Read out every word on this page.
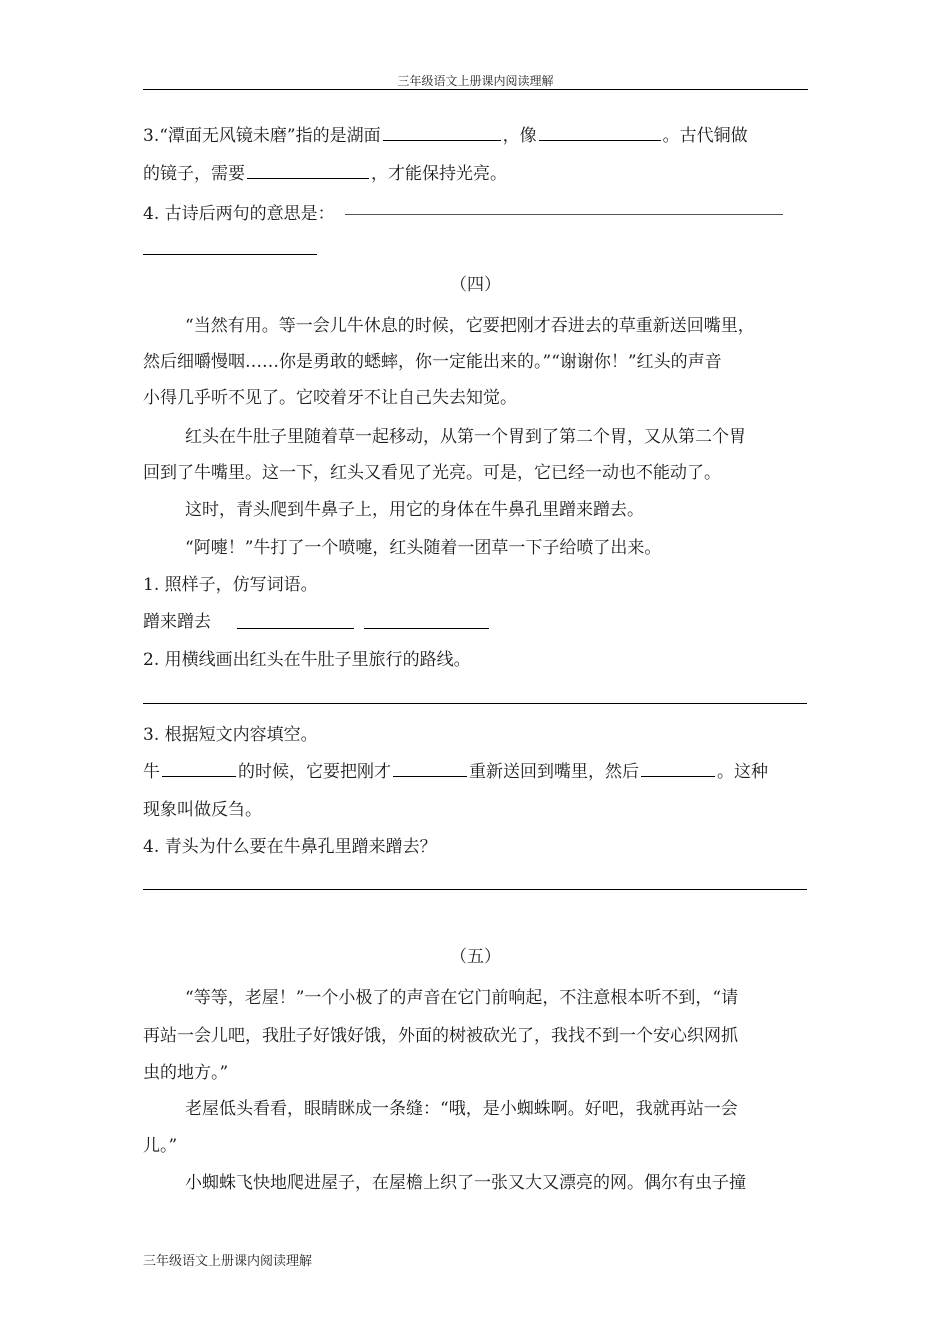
三年级语文上册课内阅读理解
3.“潭面无风镜未磨”指的是湖面	，像	。古代铜做
的镜子，需要	，才能保持光亮。
4. 古诗后两句的意思是：
（四）
“当然有用。等一会儿牛休息的时候，它要把刚才吞进去的草重新送回嘴里，
然后细嚼慢咽……你是勇敢的蟋蟀，你一定能出来的。”“谢谢你！”红头的声音
小得几乎听不见了。它咬着牙不让自己失去知觉。
红头在牛肚子里随着草一起移动，从第一个胃到了第二个胃，又从第二个胃
回到了牛嘴里。这一下，红头又看见了光亮。可是，它已经一动也不能动了。
这时，青头爬到牛鼻子上，用它的身体在牛鼻孔里蹭来蹭去。
“阿嚏！”牛打了一个喷嚏，红头随着一团草一下子给喷了出来。
1. 照样子，仿写词语。
蹭来蹭去
2. 用横线画出红头在牛肚子里旅行的路线。
3. 根据短文内容填空。
牛	的时候，它要把刚才	重新送回到嘴里，然后	。这种
现象叫做反刍。
4. 青头为什么要在牛鼻孔里蹭来蹭去？
（五）
“等等，老屋！”一个小极了的声音在它门前响起，不注意根本听不到，“请
再站一会儿吧，我肚子好饿好饿，外面的树被砍光了，我找不到一个安心织网抓
虫的地方。”
老屋低头看看，眼睛眯成一条缝：“哦，是小蜘蛛啊。好吧，我就再站一会
儿。”
小蜘蛛飞快地爬进屋子，在屋檐上织了一张又大又漂亮的网。偶尔有虫子撞
三年级语文上册课内阅读理解
